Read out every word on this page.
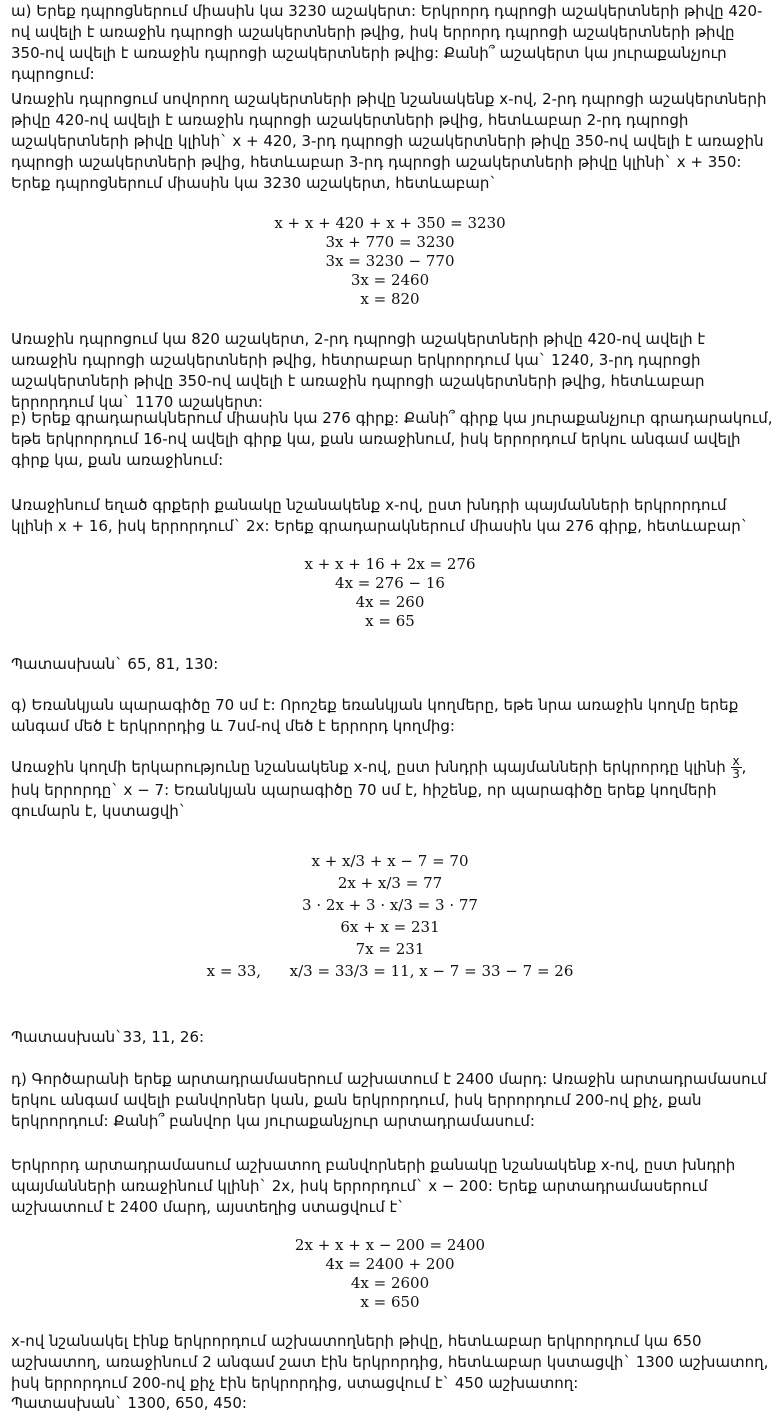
ա) Երեք դպրոցներում միասին կա 3230 աշակերտ: Երկրորդ դպրոցի աշակերտների թիվը 420-ով ավելի է առաջին դպրոցի աշակերտների թվից, իսկ երրորդ դպրոցի աշակերտների թիվը 350-ով ավելի է առաջին դպրոցի աշակերտների թվից: Քանի՞ աշակերտ կա յուրաքանչյուր դպրոցում:

Առաջին դպրոցում սովորող աշակերտների թիվը նշանակենք x-ով, 2-րդ դպրոցի աշակերտների թիվը 420-ով ավելի է առաջին դպրոցի աշակերտների թվից, հետևաբար 2-րդ դպրոցի աշակերտների թիվը կլինի` x + 420, 3-րդ դպրոցի աշակերտների թիվը 350-ով ավելի է առաջին դպրոցի աշակերտների թվից, հետևաբար 3-րդ դպրոցի աշակերտների թիվը կլինի` x + 350: Երեք դպրոցներում միասին կա 3230 աշակերտ, հետևաբար`

x + x + 420 + x + 350 = 3230
3x + 770 = 3230
3x = 3230 − 770
3x = 2460
x = 820

Առաջին դպրոցում կա 820 աշակերտ, 2-րդ դպրոցի աշակերտների թիվը 420-ով ավելի է առաջին դպրոցի աշակերտների թվից, հետրաբար երկրորդում կա` 1240, 3-րդ դպրոցի աշակերտների թիվը 350-ով ավելի է առաջին դպրոցի աշակերտների թվից, հետևաբար երրորդում կա` 1170 աշակերտ:

բ) Երեք գրադարակներում միասին կա 276 գիրք: Քանի՞ գիրք կա յուրաքանչյուր գրադարակում, եթե երկրորդում 16-ով ավելի գիրք կա, քան առաջինում, իսկ երրորդում երկու անգամ ավելի գիրք կա, քան առաջինում:

Առաջինում եղած գրքերի քանակը նշանակենք x-ով, ըստ խնդրի պայմանների երկրորդում կլինի x + 16, իսկ երրորդում` 2x: Երեք գրադարակներում միասին կա 276 գիրք, հետևաբար`

x + x + 16 + 2x = 276
4x = 276 − 16
4x = 260
x = 65

Պատասխան` 65, 81, 130:

գ) Եռանկյան պարագիծը 70 սմ է: Որոշեք եռանկյան կողմերը, եթե նրա առաջին կողմը երեք անգամ մեծ է երկրորդից և 7սմ-ով մեծ է երրորդ կողմից:

Առաջին կողմի երկարությունը նշանակենք x-ով, ըստ խնդրի պայմանների երկրորդը կլինի $\frac{x}{3}$ , իսկ երրորդը` x − 7: Եռանկյան պարագիծը 70 սմ է, հիշենք, որ պարագիծը երեք կողմերի գումարն է, կստացվի`

x + x/3 + x − 7 = 70
2x + x/3 = 77
3 · 2x + 3 · x/3 = 3 · 77
6x + x = 231
7x = 231
x = 33, x/3 = 33/3 = 11, x − 7 = 33 − 7 = 26

Պատասխան`33, 11, 26:

դ) Գործարանի երեք արտադրամասերում աշխատում է 2400 մարդ: Առաջին արտադրամասում երկու անգամ ավելի բանվորներ կան, քան երկրորդում, իսկ երրորդում 200-ով քիչ, քան երկրորդում: Քանի՞ բանվոր կա յուրաքանչյուր արտադրամասում:

Երկրորդ արտադրամասում աշխատող բանվորների քանակը նշանակենք x-ով, ըստ խնդրի պայմանների առաջինում կլինի` 2x, իսկ երրորդում` x − 200: Երեք արտադրամասերում աշխատում է 2400 մարդ, այստեղից ստացվում է`

2x + x + x − 200 = 2400
4x = 2400 + 200
4x = 2600
x = 650

x-ով նշանակել էինք երկրորդում աշխատողների թիվը, հետևաբար երկրորդում կա 650 աշխատող, առաջինում 2 անգամ շատ էին երկրորդից, հետևաբար կստացվի` 1300 աշխատող, իսկ երրորդում 200-ով քիչ էին երկրորդից, ստացվում է` 450 աշխատող:

Պատասխան` 1300, 650, 450:
